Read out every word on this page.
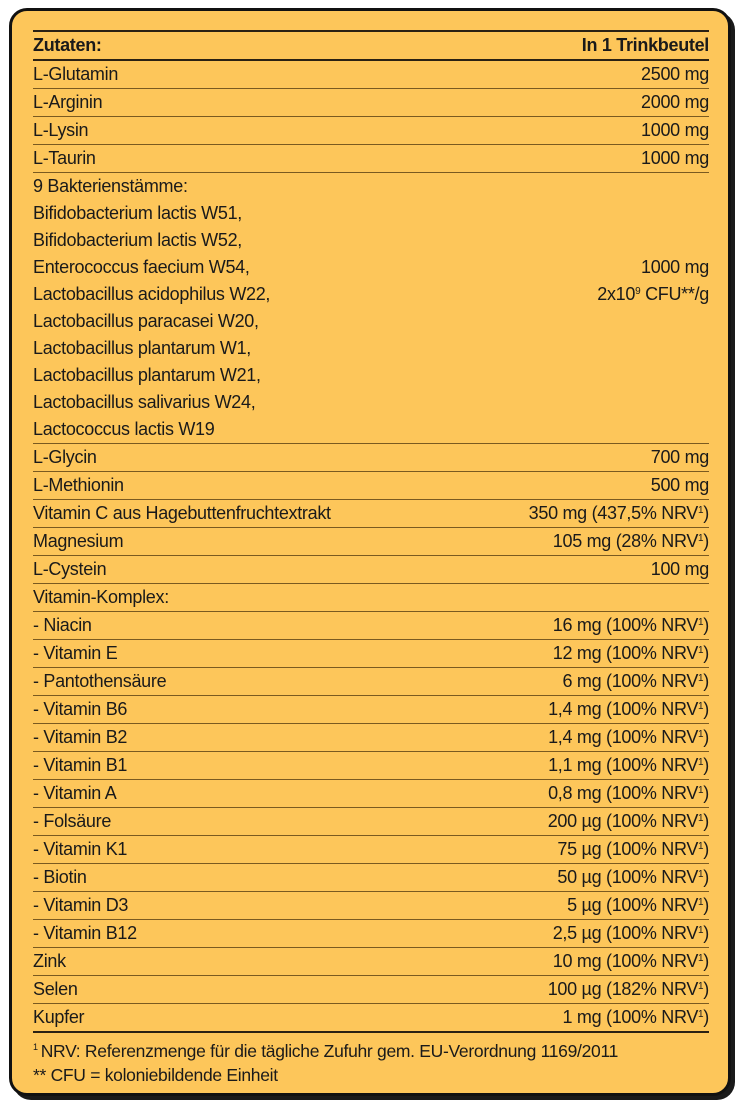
Zutaten:	In 1 Trinkbeutel
L-Glutamin	2500 mg
L-Arginin	2000 mg
L-Lysin	1000 mg
L-Taurin	1000 mg
9 Bakterienstämme:
Bifidobacterium lactis W51,
Bifidobacterium lactis W52,
Enterococcus faecium W54,	1000 mg
Lactobacillus acidophilus W22,	$2x10^9$ CFU**/g
Lactobacillus paracasei W20,
Lactobacillus plantarum W1,
Lactobacillus plantarum W21,
Lactobacillus salivarius W24,
Lactococcus lactis W19
L-Glycin	700 mg
L-Methionin	500 mg
Vitamin C aus Hagebuttenfruchtextrakt	350 mg (437,5% NRV$^1$)
Magnesium	105 mg (28% NRV$^1$)
L-Cystein	100 mg
Vitamin-Komplex:
- Niacin	16 mg (100% NRV$^1$)
- Vitamin E	12 mg (100% NRV$^1$)
- Pantothensäure	6 mg (100% NRV$^1$)
- Vitamin B6	1,4 mg (100% NRV$^1$)
- Vitamin B2	1,4 mg (100% NRV$^1$)
- Vitamin B1	1,1 mg (100% NRV$^1$)
- Vitamin A	0,8 mg (100% NRV$^1$)
- Folsäure	200 µg (100% NRV$^1$)
- Vitamin K1	75 µg (100% NRV$^1$)
- Biotin	50 µg (100% NRV$^1$)
- Vitamin D3	5 µg (100% NRV$^1$)
- Vitamin B12	2,5 µg (100% NRV$^1$)
Zink	10 mg (100% NRV$^1$)
Selen	100 µg (182% NRV$^1$)
Kupfer	1 mg (100% NRV$^1$)
$^1$ NRV: Referenzmenge für die tägliche Zufuhr gem. EU-Verordnung 1169/2011
** CFU = koloniebildende Einheit
